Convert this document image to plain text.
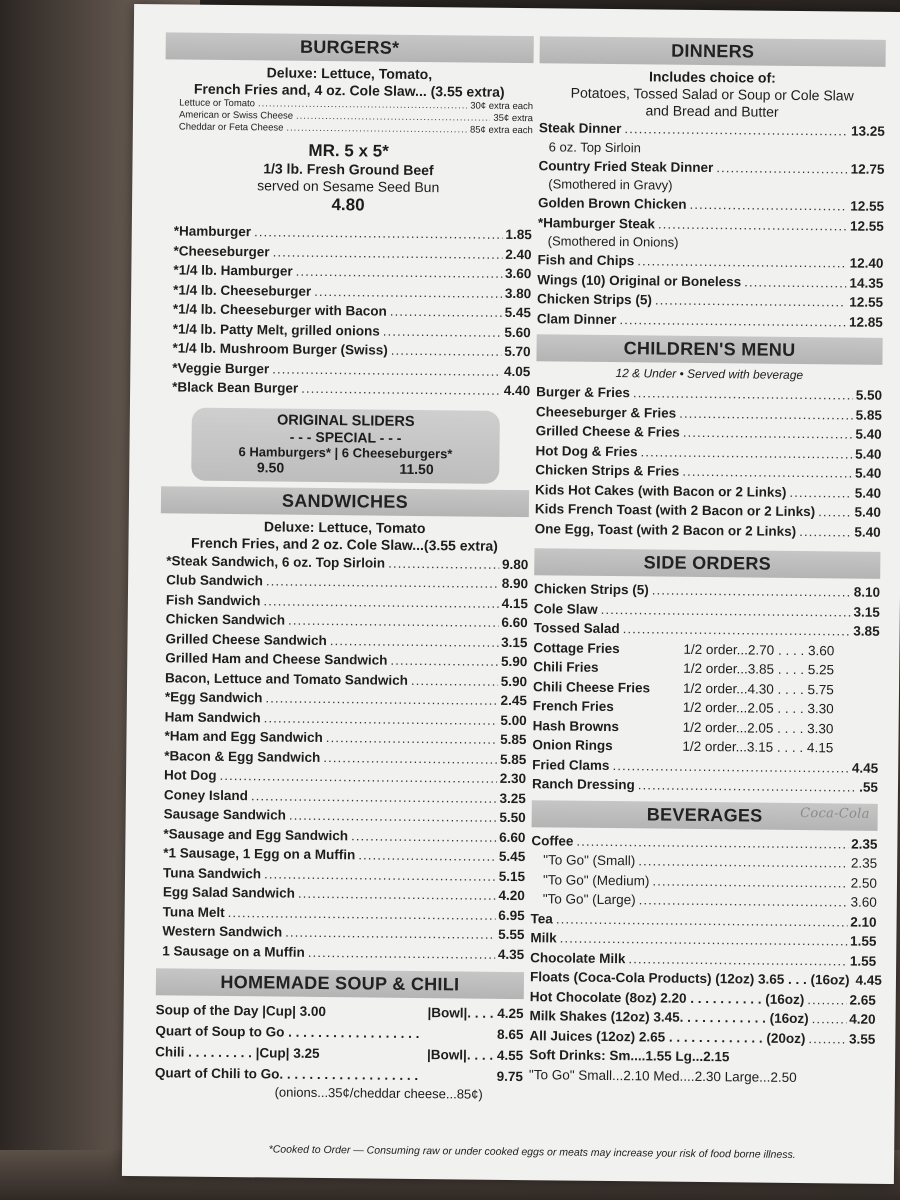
BURGERS*
Deluxe: Lettuce, Tomato,
French Fries and, 4 oz. Cole Slaw... (3.55 extra)
Lettuce or Tomato .....	30¢ extra each
American or Swiss Cheese .....	35¢ extra
Cheddar or Feta Cheese .....	85¢ extra each
MR. 5 x 5*
1/3 lb. Fresh Ground Beef
served on Sesame Seed Bun
4.80
*Hamburger .....	1.85
*Cheeseburger .....	2.40
*1/4 lb. Hamburger .....	3.60
*1/4 lb. Cheeseburger .....	3.80
*1/4 lb. Cheeseburger with Bacon .....	5.45
*1/4 lb. Patty Melt, grilled onions .....	5.60
*1/4 lb. Mushroom Burger (Swiss) .....	5.70
*Veggie Burger .....	4.05
*Black Bean Burger .....	4.40
ORIGINAL SLIDERS
- - - SPECIAL - - -
6 Hamburgers* | 6 Cheeseburgers*
9.50	11.50
SANDWICHES
Deluxe: Lettuce, Tomato
French Fries, and 2 oz. Cole Slaw...(3.55 extra)
*Steak Sandwich, 6 oz. Top Sirloin .....	9.80
Club Sandwich .....	8.90
Fish Sandwich .....	4.15
Chicken Sandwich .....	6.60
Grilled Cheese Sandwich .....	3.15
Grilled Ham and Cheese Sandwich .....	5.90
Bacon, Lettuce and Tomato Sandwich .....	5.90
*Egg Sandwich .....	2.45
Ham Sandwich .....	5.00
*Ham and Egg Sandwich .....	5.85
*Bacon & Egg Sandwich .....	5.85
Hot Dog .....	2.30
Coney Island .....	3.25
Sausage Sandwich .....	5.50
*Sausage and Egg Sandwich .....	6.60
*1 Sausage, 1 Egg on a Muffin .....	5.45
Tuna Sandwich .....	5.15
Egg Salad Sandwich .....	4.20
Tuna Melt .....	6.95
Western Sandwich .....	5.55
1 Sausage on a Muffin .....	4.35
HOMEMADE SOUP & CHILI
Soup of the Day |Cup| 3.00	|Bowl|. . . . 4.25
Quart of Soup to Go . . . . . . . . . . . . . . . . . .	8.65
Chili . . . . . . . . . |Cup| 3.25	|Bowl|. . . . 4.55
Quart of Chili to Go. . . . . . . . . . . . . . . . . . .	9.75
(onions...35¢/cheddar cheese...85¢)
DINNERS
Includes choice of:
Potatoes, Tossed Salad or Soup or Cole Slaw
and Bread and Butter
Steak Dinner .....	13.25
6 oz. Top Sirloin
Country Fried Steak Dinner .....	12.75
(Smothered in Gravy)
Golden Brown Chicken .....	12.55
*Hamburger Steak .....	12.55
(Smothered in Onions)
Fish and Chips .....	12.40
Wings (10) Original or Boneless .....	14.35
Chicken Strips (5) .....	12.55
Clam Dinner .....	12.85
CHILDREN'S MENU
12 & Under • Served with beverage
Burger & Fries .....	5.50
Cheeseburger & Fries .....	5.85
Grilled Cheese & Fries .....	5.40
Hot Dog & Fries .....	5.40
Chicken Strips & Fries .....	5.40
Kids Hot Cakes (with Bacon or 2 Links) .....	5.40
Kids French Toast (with 2 Bacon or 2 Links) .....	5.40
One Egg, Toast (with 2 Bacon or 2 Links) .....	5.40
SIDE ORDERS
Chicken Strips (5) .....	8.10
Cole Slaw .....	3.15
Tossed Salad .....	3.85
Cottage Fries	1/2 order...2.70 . . . . 3.60
Chili Fries	1/2 order...3.85 . . . . 5.25
Chili Cheese Fries	1/2 order...4.30 . . . . 5.75
French Fries	1/2 order...2.05 . . . . 3.30
Hash Browns	1/2 order...2.05 . . . . 3.30
Onion Rings	1/2 order...3.15 . . . . 4.15
Fried Clams .....	4.45
Ranch Dressing .....	.55
BEVERAGES	Coca-Cola
Coffee .....	2.35
"To Go" (Small) .....	2.35
"To Go" (Medium) .....	2.50
"To Go" (Large) .....	3.60
Tea .....	2.10
Milk .....	1.55
Chocolate Milk .....	1.55
Floats (Coca-Cola Products) (12oz) 3.65 . . . (16oz) ..... 4.45
Hot Chocolate (8oz) 2.20 . . . . . . . . . . (16oz) .....	2.65
Milk Shakes (12oz) 3.45. . . . . . . . . . . . (16oz) .....	4.20
All Juices (12oz) 2.65 . . . . . . . . . . . . . (20oz) .....	3.55
Soft Drinks: Sm....1.55 Lg...2.15
"To Go" Small...2.10 Med....2.30 Large...2.50
*Cooked to Order — Consuming raw or under cooked eggs or meats may increase your risk of food borne illness.
